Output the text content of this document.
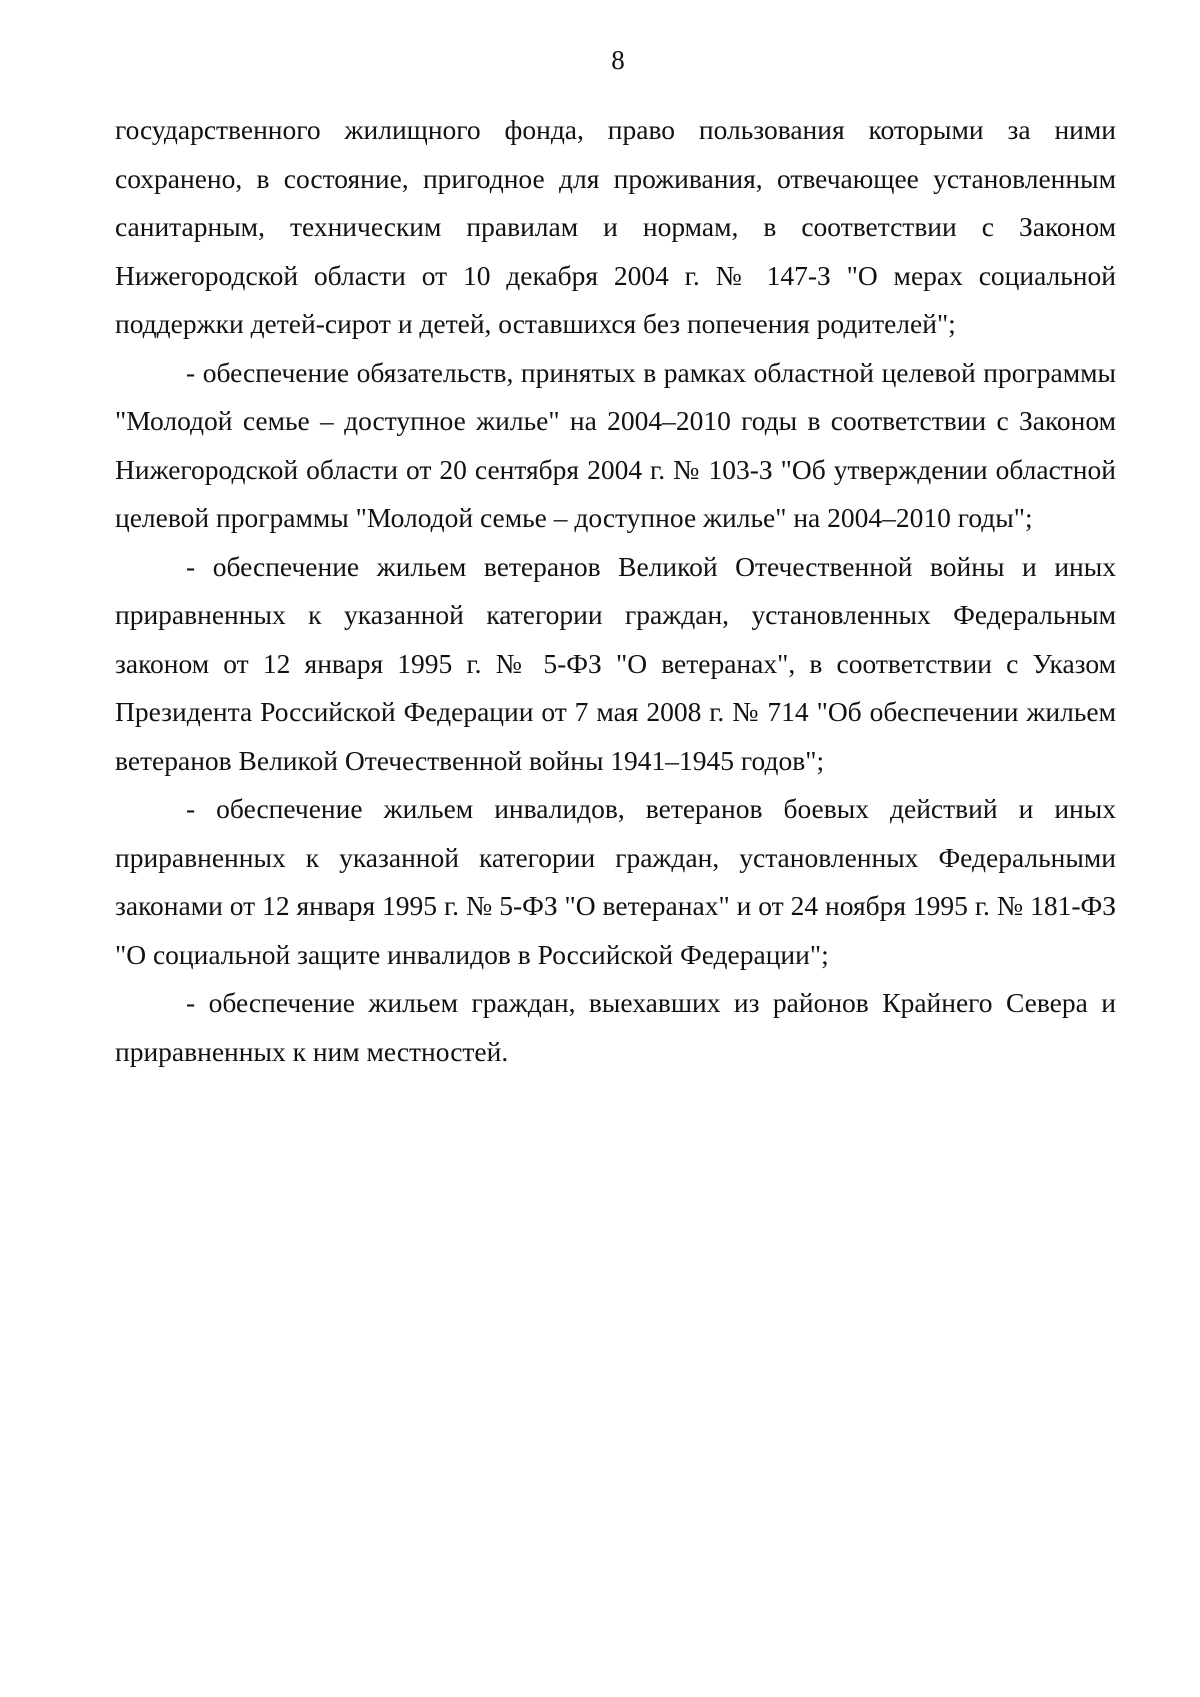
8

государственного жилищного фонда, право пользования которыми за ними сохранено, в состояние, пригодное для проживания, отвечающее установленным санитарным, техническим правилам и нормам, в соответствии с Законом Нижегородской области от 10 декабря 2004 г. № 147-З "О мерах социальной поддержки детей-сирот и детей, оставшихся без попечения родителей";

- обеспечение обязательств, принятых в рамках областной целевой программы "Молодой семье – доступное жилье" на 2004–2010 годы в соответствии с Законом Нижегородской области от 20 сентября 2004 г. № 103-З "Об утверждении областной целевой программы "Молодой семье – доступное жилье" на 2004–2010 годы";

- обеспечение жильем ветеранов Великой Отечественной войны и иных приравненных к указанной категории граждан, установленных Федеральным законом от 12 января 1995 г. № 5-ФЗ "О ветеранах", в соответствии с Указом Президента Российской Федерации от 7 мая 2008 г. № 714 "Об обеспечении жильем ветеранов Великой Отечественной войны 1941–1945 годов";

- обеспечение жильем инвалидов, ветеранов боевых действий и иных приравненных к указанной категории граждан, установленных Федеральными законами от 12 января 1995 г. № 5-ФЗ "О ветеранах" и от 24 ноября 1995 г. № 181-ФЗ "О социальной защите инвалидов в Российской Федерации";

- обеспечение жильем граждан, выехавших из районов Крайнего Севера и приравненных к ним местностей.
